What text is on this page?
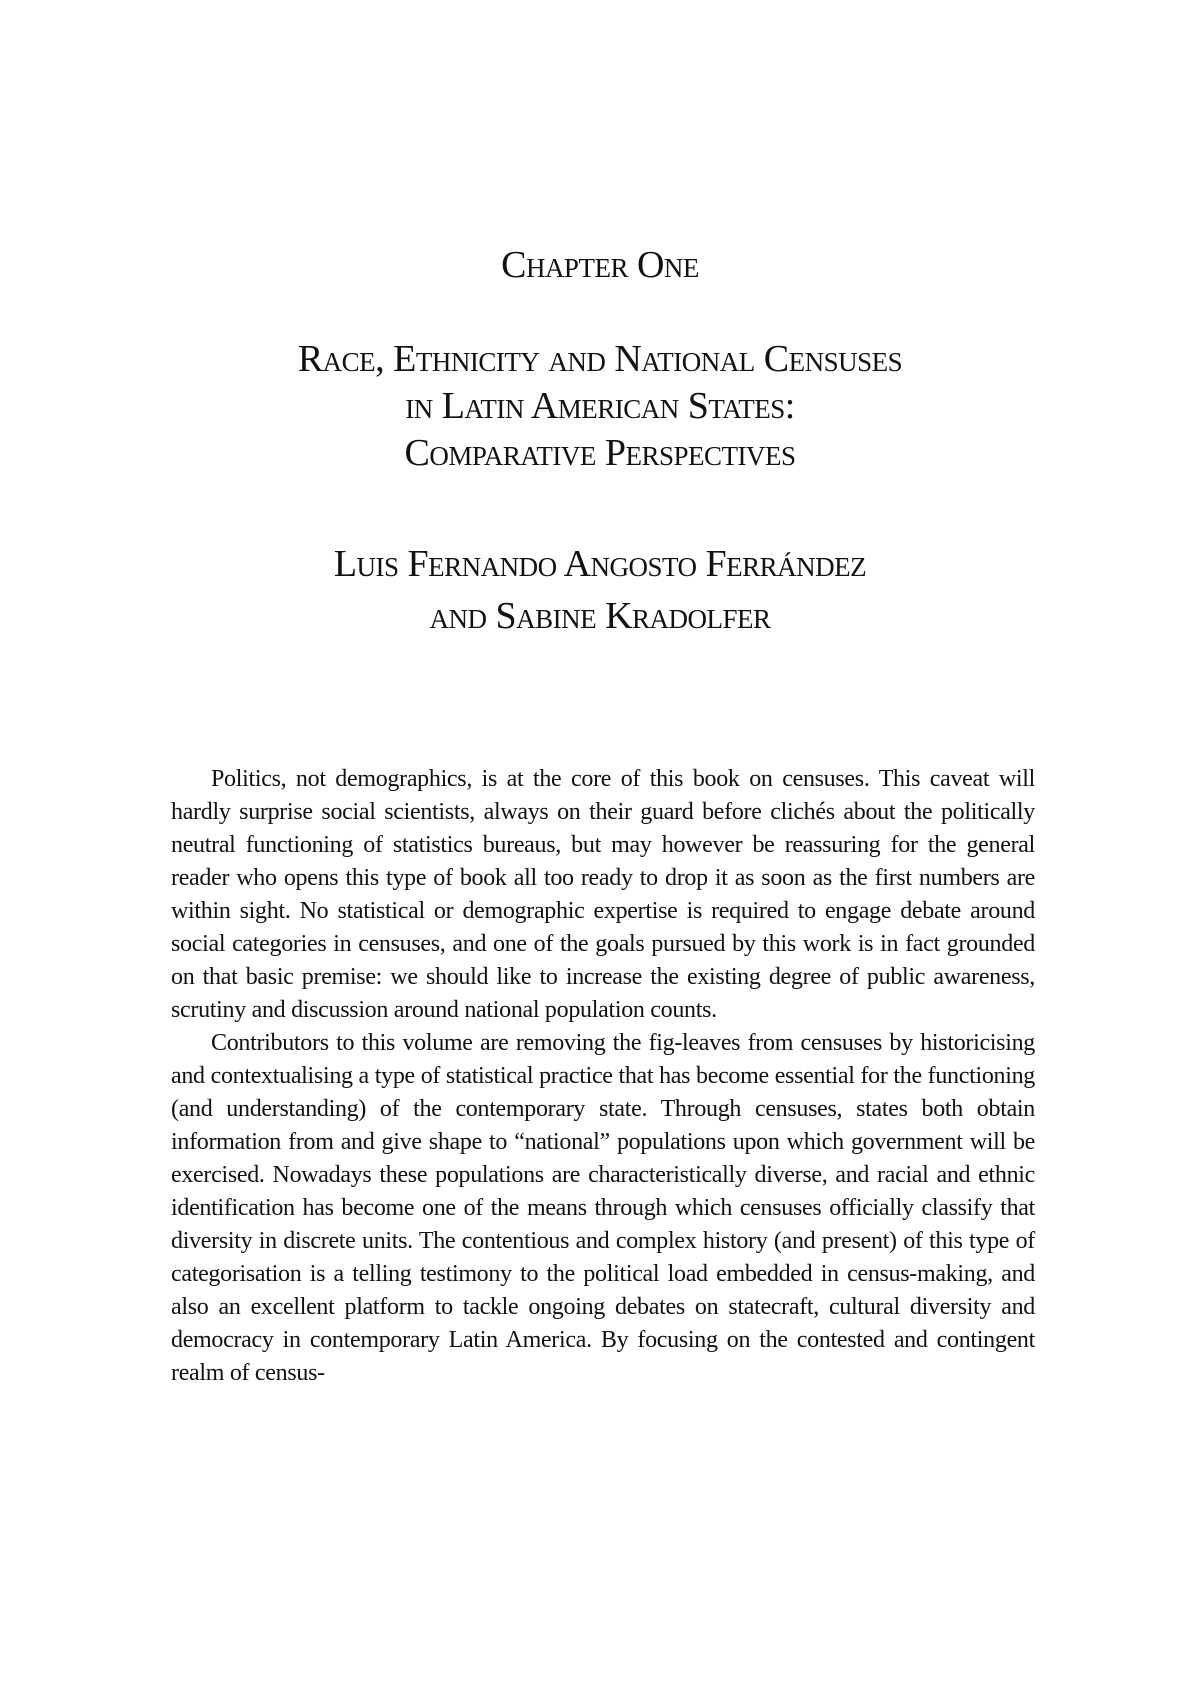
Chapter One
Race, Ethnicity and National Censuses
in Latin American States:
Comparative Perspectives
Luis Fernando Angosto Ferrández
and Sabine Kradolfer

Politics, not demographics, is at the core of this book on censuses. This caveat will hardly surprise social scientists, always on their guard before clichés about the politically neutral functioning of statistics bureaus, but may however be reassuring for the general reader who opens this type of book all too ready to drop it as soon as the first numbers are within sight. No statistical or demographic expertise is required to engage debate around social categories in censuses, and one of the goals pursued by this work is in fact grounded on that basic premise: we should like to increase the existing degree of public awareness, scrutiny and discussion around national population counts.

Contributors to this volume are removing the fig-leaves from censuses by historicising and contextualising a type of statistical practice that has become essential for the functioning (and understanding) of the contemporary state. Through censuses, states both obtain information from and give shape to “national” populations upon which government will be exercised. Nowadays these populations are characteristically diverse, and racial and ethnic identification has become one of the means through which censuses officially classify that diversity in discrete units. The contentious and complex history (and present) of this type of categorisation is a telling testimony to the political load embedded in census-making, and also an excellent platform to tackle ongoing debates on statecraft, cultural diversity and democracy in contemporary Latin America. By focusing on the contested and contingent realm of census-
